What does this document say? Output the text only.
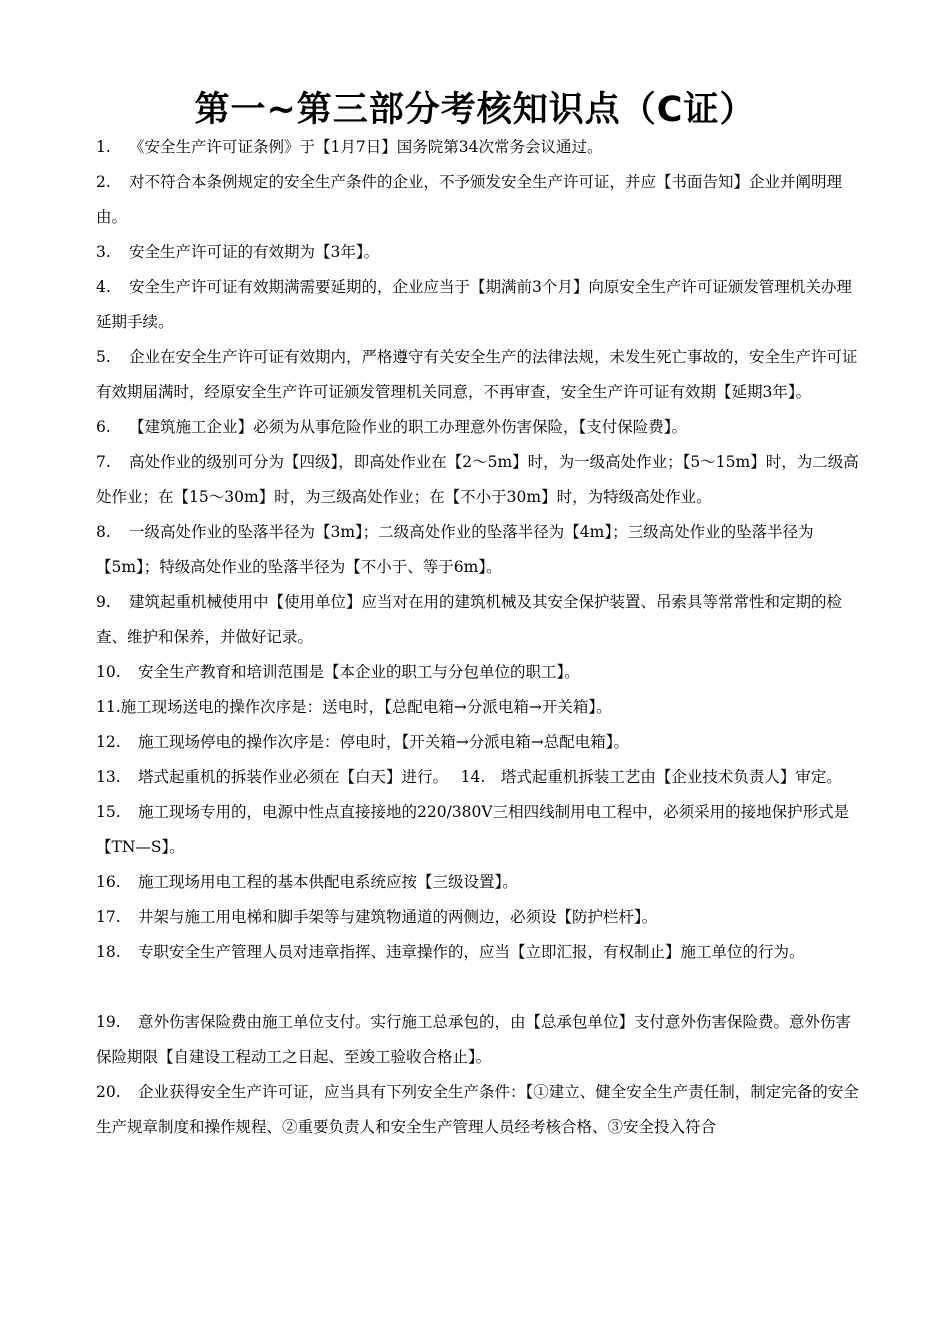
第一~第三部分考核知识点（C证）

1. 《安全生产许可证条例》于【1月7日】国务院第34次常务会议通过。

2. 对不符合本条例规定的安全生产条件的企业，不予颁发安全生产许可证，并应【书面告知】企业并阐明理由。

3. 安全生产许可证的有效期为【3年】。

4. 安全生产许可证有效期满需要延期的，企业应当于【期满前3个月】向原安全生产许可证颁发管理机关办理延期手续。

5. 企业在安全生产许可证有效期内，严格遵守有关安全生产的法律法规，未发生死亡事故的，安全生产许可证有效期届满时，经原安全生产许可证颁发管理机关同意，不再审查，安全生产许可证有效期【延期3年】。

6. 【建筑施工企业】必须为从事危险作业的职工办理意外伤害保险，【支付保险费】。

7. 高处作业的级别可分为【四级】，即高处作业在【2～5m】时，为一级高处作业；【5～15m】时，为二级高处作业；在【15～30m】时，为三级高处作业；在【不小于30m】时，为特级高处作业。

8. 一级高处作业的坠落半径为【3m】；二级高处作业的坠落半径为【4m】；三级高处作业的坠落半径为【5m】；特级高处作业的坠落半径为【不小于、等于6m】。

9. 建筑起重机械使用中【使用单位】应当对在用的建筑机械及其安全保护装置、吊索具等常常性和定期的检查、维护和保养，并做好记录。

10. 安全生产教育和培训范围是【本企业的职工与分包单位的职工】。

11.施工现场送电的操作次序是：送电时，【总配电箱→分派电箱→开关箱】。

12. 施工现场停电的操作次序是：停电时，【开关箱→分派电箱→总配电箱】。

13. 塔式起重机的拆装作业必须在【白天】进行。　 14.　塔式起重机拆装工艺由【企业技术负责人】审定。

15. 施工现场专用的，电源中性点直接接地的220/380V三相四线制用电工程中，必须采用的接地保护形式是【TN—S】。

16. 施工现场用电工程的基本供配电系统应按【三级设置】。

17. 井架与施工用电梯和脚手架等与建筑物通道的两侧边，必须设【防护栏杆】。

18. 专职安全生产管理人员对违章指挥、违章操作的，应当【立即汇报，有权制止】施工单位的行为。

19. 意外伤害保险费由施工单位支付。实行施工总承包的，由【总承包单位】支付意外伤害保险费。意外伤害保险期限【自建设工程动工之日起、至竣工验收合格止】。

20. 企业获得安全生产许可证，应当具有下列安全生产条件：【①建立、健全安全生产责任制，制定完备的安全生产规章制度和操作规程、②重要负责人和安全生产管理人员经考核合格、③安全投入符合
